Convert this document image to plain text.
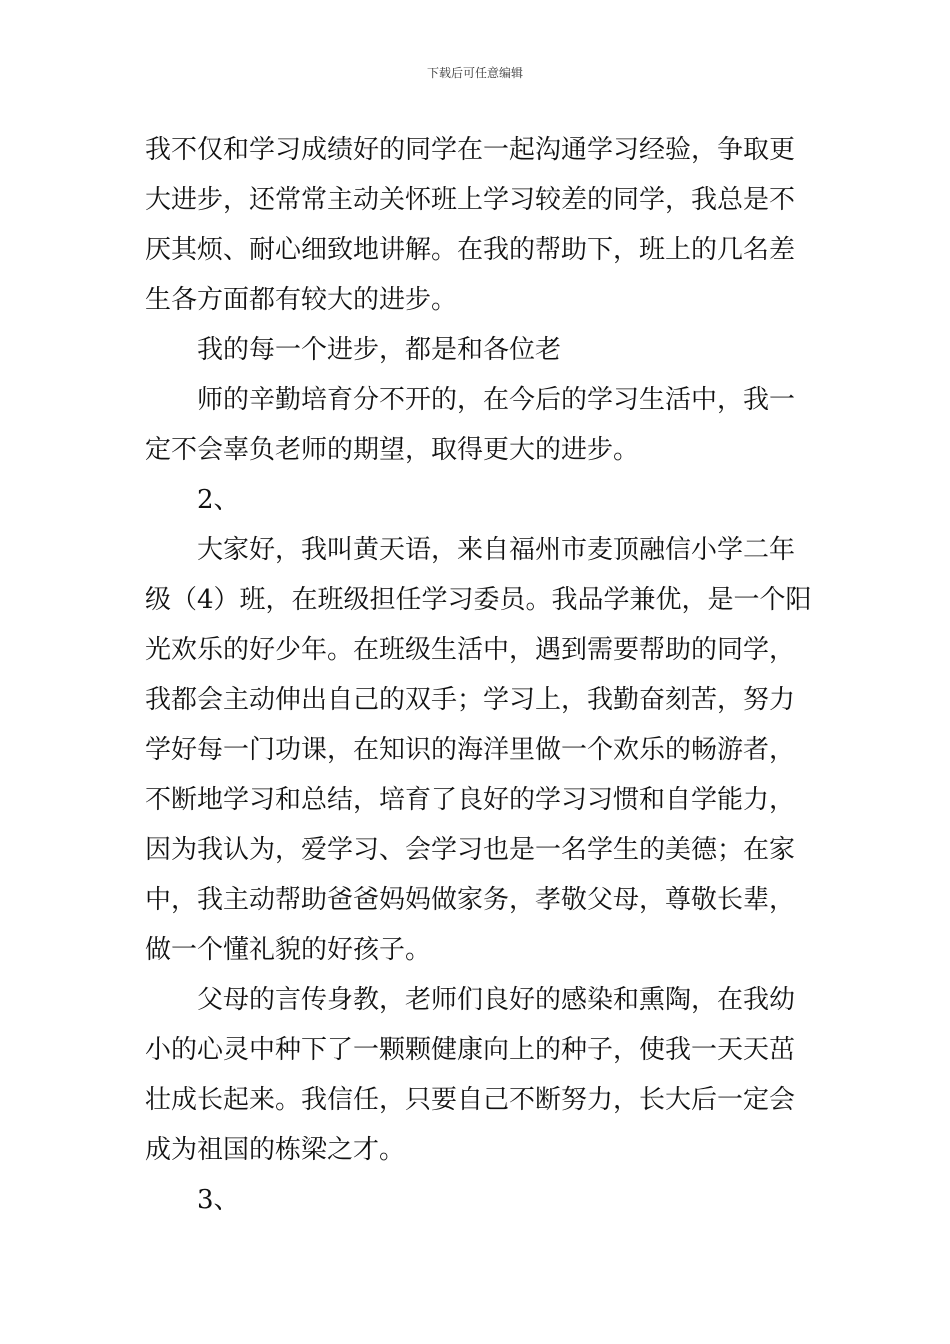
下载后可任意编辑
我不仅和学习成绩好的同学在一起沟通学习经验，争取更
大进步，还常常主动关怀班上学习较差的同学，我总是不
厌其烦、耐心细致地讲解。在我的帮助下，班上的几名差
生各方面都有较大的进步。
我的每一个进步，都是和各位老
师的辛勤培育分不开的，在今后的学习生活中，我一
定不会辜负老师的期望，取得更大的进步。
2、
大家好，我叫黄天语，来自福州市麦顶融信小学二年
级（4）班，在班级担任学习委员。我品学兼优，是一个阳
光欢乐的好少年。在班级生活中，遇到需要帮助的同学，
我都会主动伸出自己的双手；学习上，我勤奋刻苦，努力
学好每一门功课，在知识的海洋里做一个欢乐的畅游者，
不断地学习和总结，培育了良好的学习习惯和自学能力，
因为我认为，爱学习、会学习也是一名学生的美德；在家
中，我主动帮助爸爸妈妈做家务，孝敬父母，尊敬长辈，
做一个懂礼貌的好孩子。
父母的言传身教，老师们良好的感染和熏陶，在我幼
小的心灵中种下了一颗颗健康向上的种子，使我一天天茁
壮成长起来。我信任，只要自己不断努力，长大后一定会
成为祖国的栋梁之才。
3、
